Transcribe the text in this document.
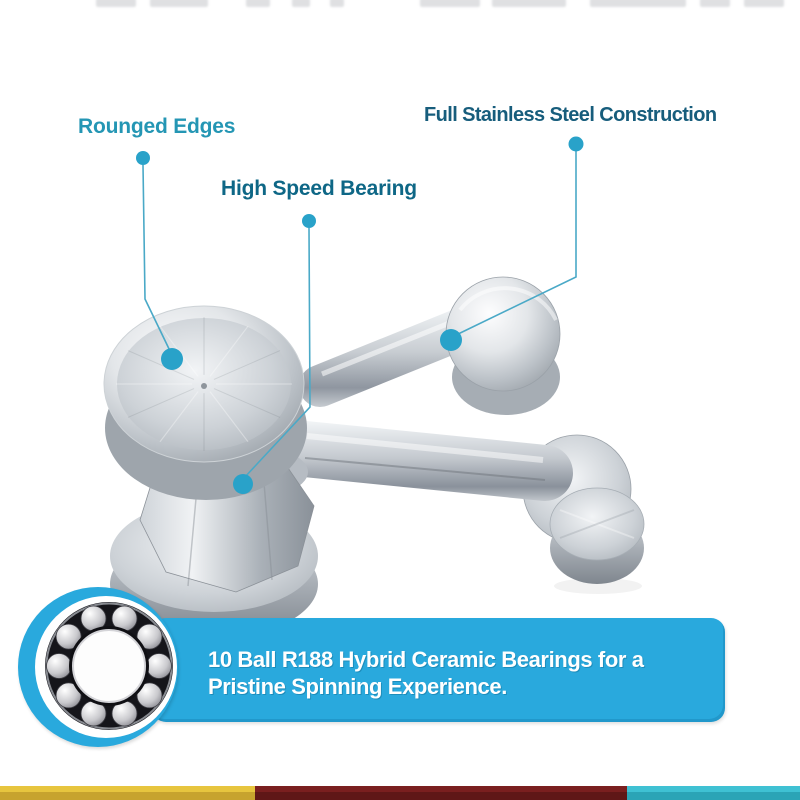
Rounged Edges
High Speed Bearing
Full Stainless Steel Construction
10 Ball R188 Hybrid Ceramic Bearings for a
Pristine Spinning Experience.
